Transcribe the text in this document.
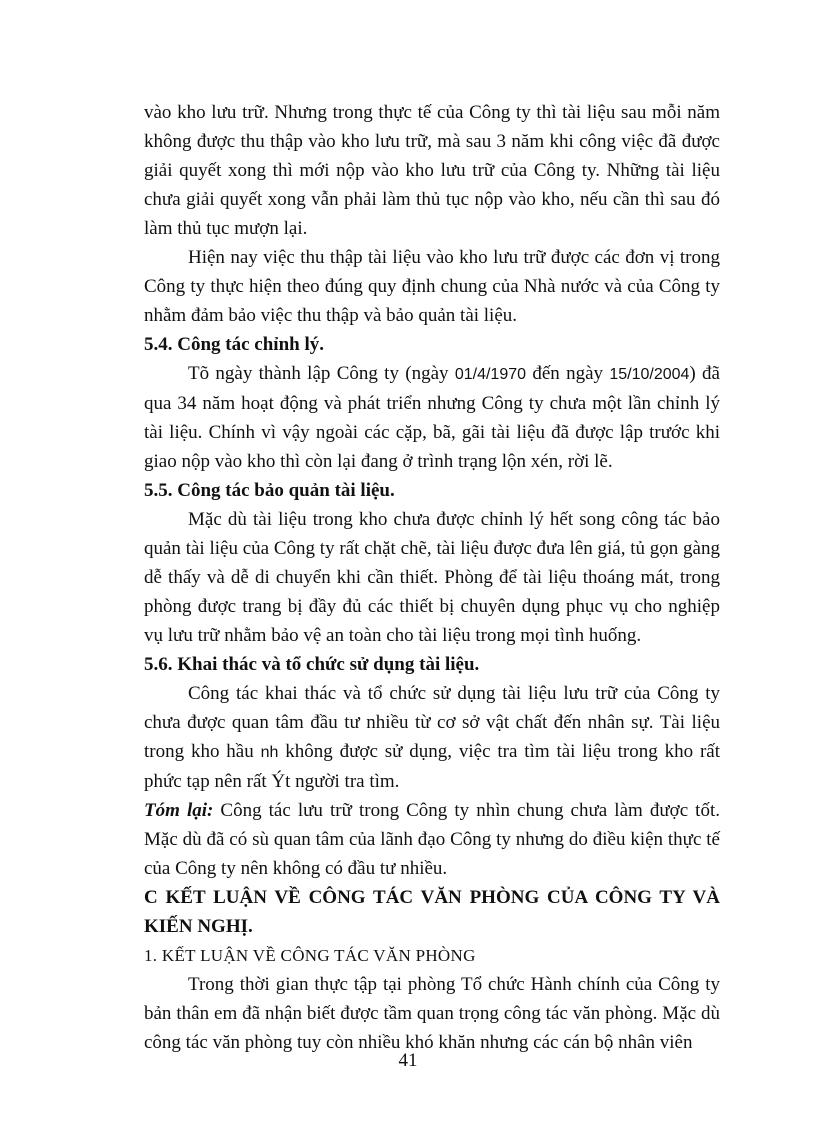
vào kho lưu trữ. Nhưng trong thực tế của Công ty thì tài liệu sau mỗi năm không được thu thập vào kho lưu trữ, mà sau 3 năm khi công việc đã được giải quyết xong thì mới nộp vào kho lưu trữ của Công ty. Những tài liệu chưa giải quyết xong vẫn phải làm thủ tục nộp vào kho, nếu cần thì sau đó làm thủ tục mượn lại.

Hiện nay việc thu thập tài liệu vào kho lưu trữ được các đơn vị trong Công ty thực hiện theo đúng quy định chung của Nhà nước và của Công ty nhằm đảm bảo việc thu thập và bảo quản tài liệu.

5.4. Công tác chỉnh lý.

Tõ ngày thành lập Công ty (ngày 01/4/1970 đến ngày 15/10/2004) đã qua 34 năm hoạt động và phát triển nhưng Công ty chưa một lần chỉnh lý tài liệu. Chính vì vậy ngoài các cặp, bã, gãi tài liệu đã được lập trước khi giao nộp vào kho thì còn lại đang ở trình trạng lộn xén, rời lẽ.

5.5. Công tác bảo quản tài liệu.

Mặc dù tài liệu trong kho chưa được chỉnh lý hết song công tác bảo quản tài liệu của Công ty rất chặt chẽ, tài liệu được đưa lên giá, tủ gọn gàng dễ thấy và dễ di chuyển khi cần thiết. Phòng để tài liệu thoáng mát, trong phòng được trang bị đầy đủ các thiết bị chuyên dụng phục vụ cho nghiệp vụ lưu trữ nhằm bảo vệ an toàn cho tài liệu trong mọi tình huống.

5.6. Khai thác và tổ chức sử dụng tài liệu.

Công tác khai thác và tổ chức sử dụng tài liệu lưu trữ của Công ty chưa được quan tâm đầu tư nhiều từ cơ sở vật chất đến nhân sự. Tài liệu trong kho hầu nh không được sử dụng, việc tra tìm tài liệu trong kho rất phức tạp nên rất Ýt người tra tìm.

Tóm lại: Công tác lưu trữ trong Công ty nhìn chung chưa làm được tốt. Mặc dù đã có sù quan tâm của lãnh đạo Công ty nhưng do điều kiện thực tế của Công ty nên không có đầu tư nhiều.

C KẾT LUẬN VỀ CÔNG TÁC VĂN PHÒNG CỦA CÔNG TY VÀ KIẾN NGHỊ.

1. KẾT LUẬN VỀ CÔNG TÁC VĂN PHÒNG

Trong thời gian thực tập tại phòng Tổ chức Hành chính của Công ty bản thân em đã nhận biết được tầm quan trọng công tác văn phòng. Mặc dù công tác văn phòng tuy còn nhiều khó khăn nhưng các cán bộ nhân viên

41
